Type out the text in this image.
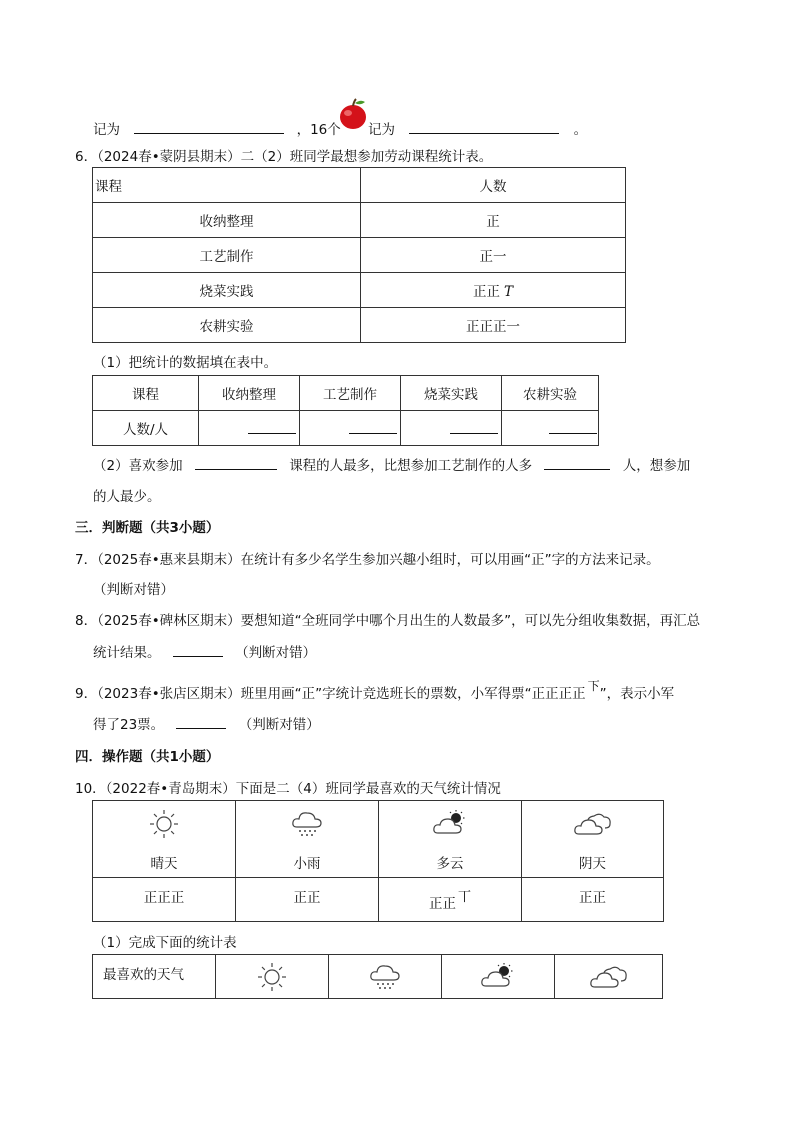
记为	，16个 记为	。
6．（2024春•蒙阴县期末）二（2）班同学最想参加劳动课程统计表。
课程	人数
收纳整理	正
工艺制作	正一
烧菜实践	正正 T
农耕实验	正正正一
（1）把统计的数据填在表中。
课程	收纳整理	工艺制作	烧菜实践	农耕实验
人数/人				
（2）喜欢参加	课程的人最多，比想参加工艺制作的人多	人，想参加
的人最少。
三．判断题（共3小题）
7．（2025春•惠来县期末）在统计有多少名学生参加兴趣小组时，可以用画“正”字的方法来记录。
（判断对错）
8．（2025春•碑林区期末）要想知道“全班同学中哪个月出生的人数最多”，可以先分组收集数据，再汇总
统计结果。	（判断对错）
9．（2023春•张店区期末）班里用画“正”字统计竞选班长的票数，小军得票“正正正正 下”，表示小军
得了23票。	（判断对错）
四．操作题（共1小题）
10．（2022春•青岛期末）下面是二（4）班同学最喜欢的天气统计情况
晴天	小雨	多云	阴天

正正正	正正	正正 丅	正正
（1）完成下面的统计表
最喜欢的天气	
